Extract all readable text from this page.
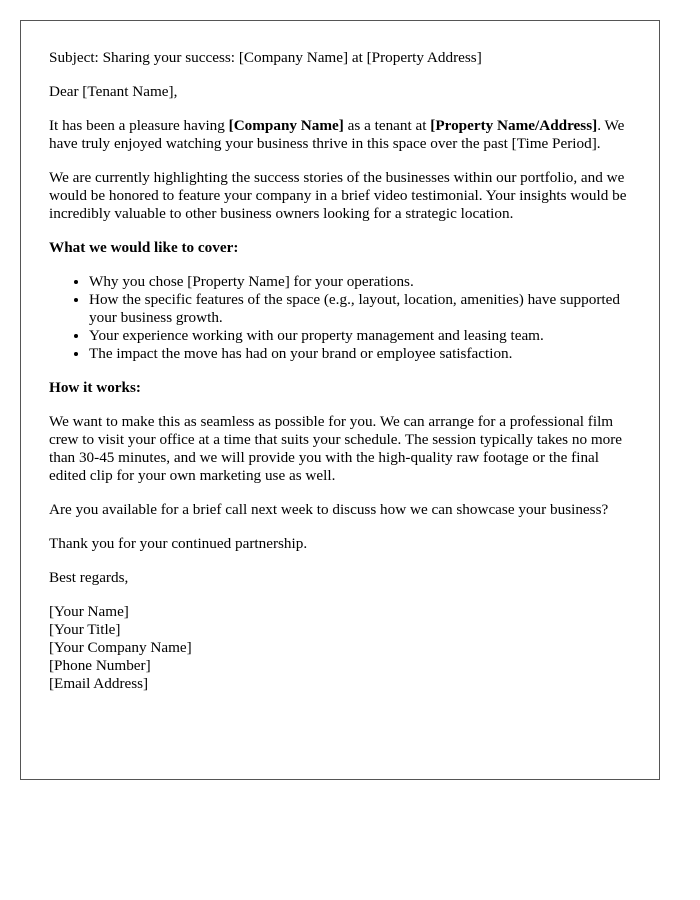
Subject: Sharing your success: [Company Name] at [Property Address]

Dear [Tenant Name],

It has been a pleasure having [Company Name] as a tenant at [Property Name/Address]. We have truly enjoyed watching your business thrive in this space over the past [Time Period].

We are currently highlighting the success stories of the businesses within our portfolio, and we would be honored to feature your company in a brief video testimonial. Your insights would be incredibly valuable to other business owners looking for a strategic location.

What we would like to cover:

• Why you chose [Property Name] for your operations.
• How the specific features of the space (e.g., layout, location, amenities) have supported your business growth.
• Your experience working with our property management and leasing team.
• The impact the move has had on your brand or employee satisfaction.

How it works:

We want to make this as seamless as possible for you. We can arrange for a professional film crew to visit your office at a time that suits your schedule. The session typically takes no more than 30-45 minutes, and we will provide you with the high-quality raw footage or the final edited clip for your own marketing use as well.

Are you available for a brief call next week to discuss how we can showcase your business?

Thank you for your continued partnership.

Best regards,

[Your Name]
[Your Title]
[Your Company Name]
[Phone Number]
[Email Address]
